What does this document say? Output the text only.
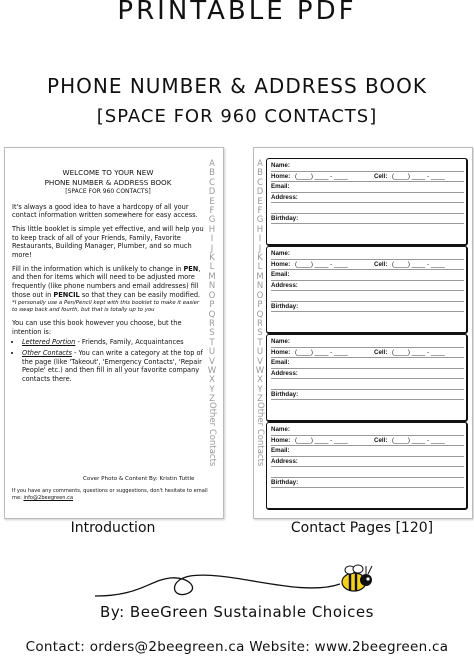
PRINTABLE PDF
PHONE NUMBER & ADDRESS BOOK
[SPACE FOR 960 CONTACTS]
WELCOME TO YOUR NEW
PHONE NUMBER & ADDRESS BOOK
[SPACE FOR 960 CONTACTS]

It's always a good idea to have a hardcopy of all your contact information written somewhere for easy access.

This little booklet is simple yet effective, and will help you to keep track of all of your Friends, Family, Favorite Restaurants, Building Manager, Plumber, and so much more!

Fill in the information which is unlikely to change in PEN, and then for items which will need to be adjusted more frequently (like phone numbers and email addresses) fill those out in PENCIL so that they can be easily modified.

*I personally use a Pen/Pencil kept with this booklet to make it easier to swap back and fourth, but that is totally up to you

You can use this book however you choose, but the intention is:

• Lettered Portion - Friends, Family, Acquaintances
• Other Contacts - You can write a category at the top of the page (like 'Takeout', 'Emergency Contacts', 'Repair People' etc.) and then fill in all your favorite company contacts there.
Cover Photo & Content By: Kristin Tuttle
If you have any comments, questions or suggestions, don't hesitate to email me: info@2beegreen.ca
A
B
C
D
E
F
G
H
I
J
K
L
M
N
O
P
Q
R
S
T
U
V
W
X
Y
Z
Other Contacts
A
B
C
D
E
F
G
H
I
J
K
L
M
N
O
P
Q
R
S
T
U
V
W
X
Y
Z
Other Contacts
Name:
Home: (____) ____ - ____	Cell: (____) ____ - ____
Email:
Address:
Birthday:
Name:
Home: (____) ____ - ____	Cell: (____) ____ - ____
Email:
Address:
Birthday:
Name:
Home: (____) ____ - ____	Cell: (____) ____ - ____
Email:
Address:
Birthday:
Name:
Home: (____) ____ - ____	Cell: (____) ____ - ____
Email:
Address:
Birthday:
Introduction	Contact Pages [120]
By: BeeGreen Sustainable Choices
Contact: orders@2beegreen.ca Website: www.2beegreen.ca
